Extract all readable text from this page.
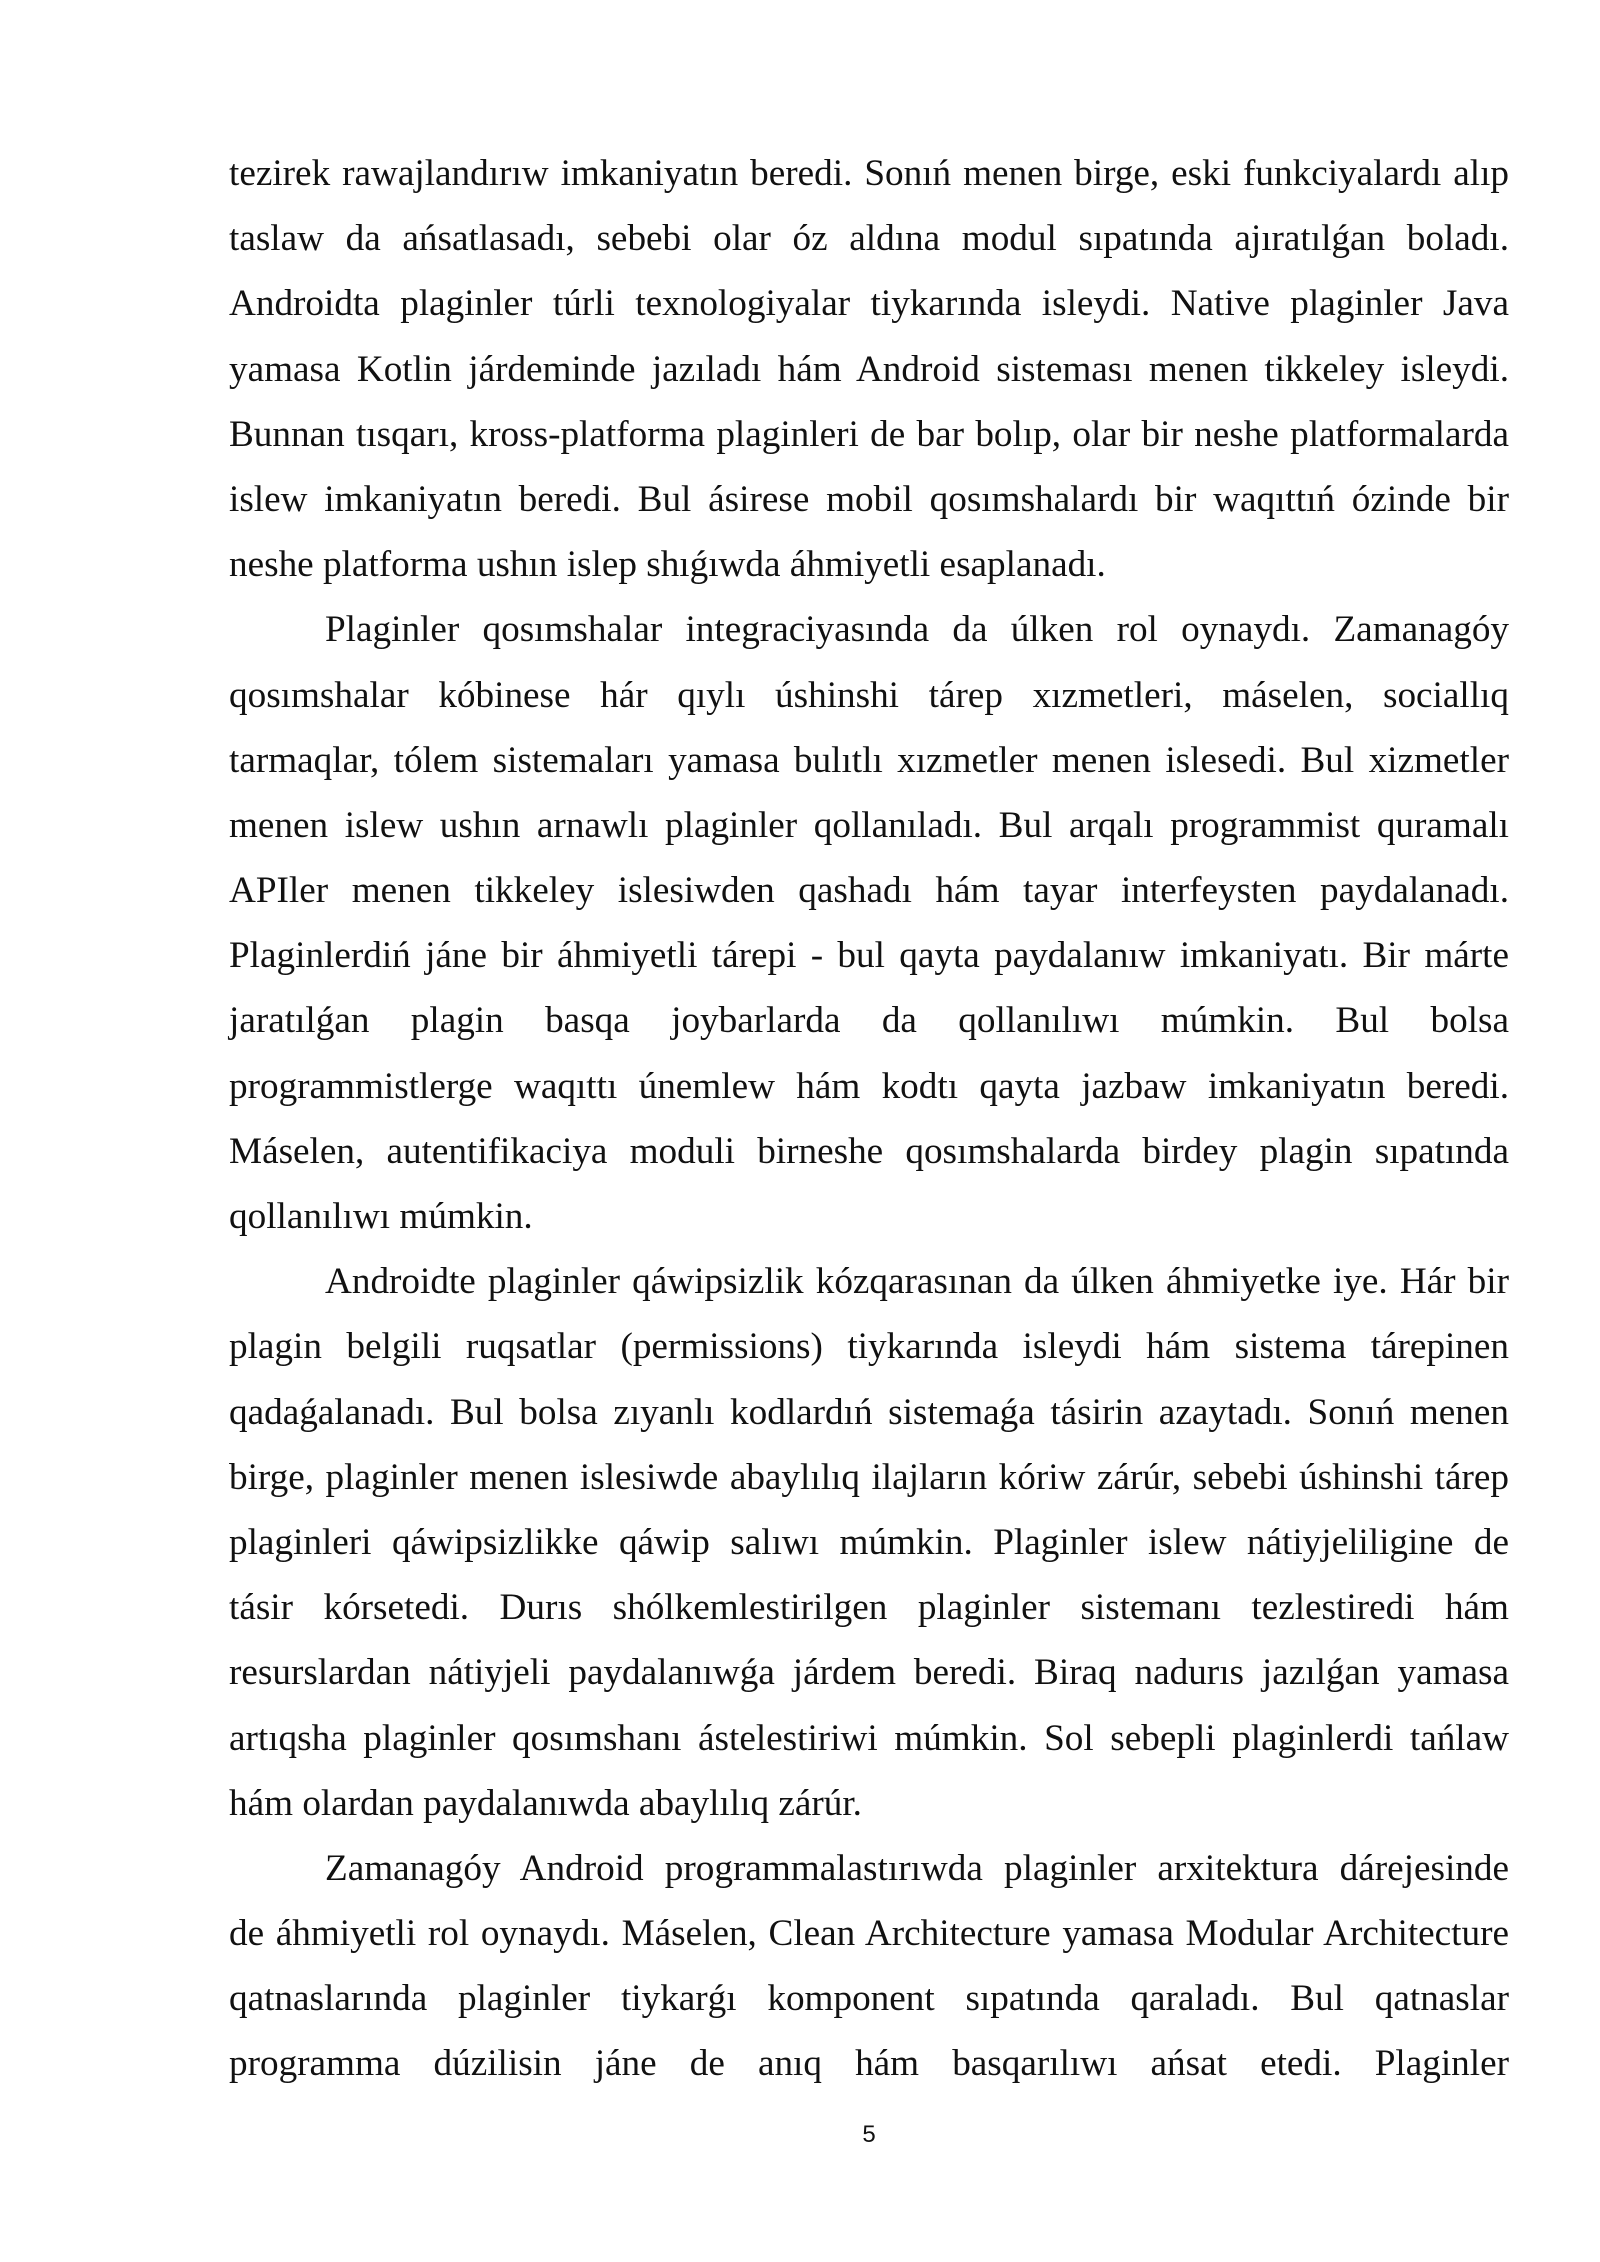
tezirek rawajlandırıw imkaniyatın beredi. Sonıń menen birge, eski funkciyalardı alıp
taslaw da ańsatlasadı, sebebi olar óz aldına modul sıpatında ajıratılǵan boladı.
Androidta plaginler túrli texnologiyalar tiykarında isleydi. Native plaginler Java
yamasa Kotlin járdeminde jazıladı hám Android sisteması menen tikkeley isleydi.
Bunnan tısqarı, kross-platforma plaginleri de bar bolıp, olar bir neshe platformalarda
islew imkaniyatın beredi. Bul ásirese mobil qosımshalardı bir waqıttıń ózinde bir
neshe platforma ushın islep shıǵıwda áhmiyetli esaplanadı.
Plaginler qosımshalar integraciyasında da úlken rol oynaydı. Zamanagóy
qosımshalar kóbinese hár qıylı úshinshi tárep xızmetleri, máselen, sociallıq
tarmaqlar, tólem sistemaları yamasa bulıtlı xızmetler menen islesedi. Bul xizmetler
menen islew ushın arnawlı plaginler qollanıladı. Bul arqalı programmist quramalı
APIler menen tikkeley islesiwden qashadı hám tayar interfeysten paydalanadı.
Plaginlerdiń jáne bir áhmiyetli tárepi - bul qayta paydalanıw imkaniyatı. Bir márte
jaratılǵan plagin basqa joybarlarda da qollanılıwı múmkin. Bul bolsa
programmistlerge waqıttı únemlew hám kodtı qayta jazbaw imkaniyatın beredi.
Máselen, autentifikaciya moduli birneshe qosımshalarda birdey plagin sıpatında
qollanılıwı múmkin.
Androidte plaginler qáwipsizlik kózqarasınan da úlken áhmiyetke iye. Hár bir
plagin belgili ruqsatlar (permissions) tiykarında isleydi hám sistema tárepinen
qadaǵalanadı. Bul bolsa zıyanlı kodlardıń sistemaǵa tásirin azaytadı. Sonıń menen
birge, plaginler menen islesiwde abaylılıq ilajların kóriw zárúr, sebebi úshinshi tárep
plaginleri qáwipsizlikke qáwip salıwı múmkin. Plaginler islew nátiyjeliligine de
tásir kórsetedi. Durıs shólkemlestirilgen plaginler sistemanı tezlestiredi hám
resurslardan nátiyjeli paydalanıwǵa járdem beredi. Biraq nadurıs jazılǵan yamasa
artıqsha plaginler qosımshanı ástelestiriwi múmkin. Sol sebepli plaginlerdi tańlaw
hám olardan paydalanıwda abaylılıq zárúr.
Zamanagóy Android programmalastırıwda plaginler arxitektura dárejesinde
de áhmiyetli rol oynaydı. Máselen, Clean Architecture yamasa Modular Architecture
qatnaslarında plaginler tiykarǵı komponent sıpatında qaraladı. Bul qatnaslar
programma dúzilisin jáne de anıq hám basqarılıwı ańsat etedi. Plaginler
5
